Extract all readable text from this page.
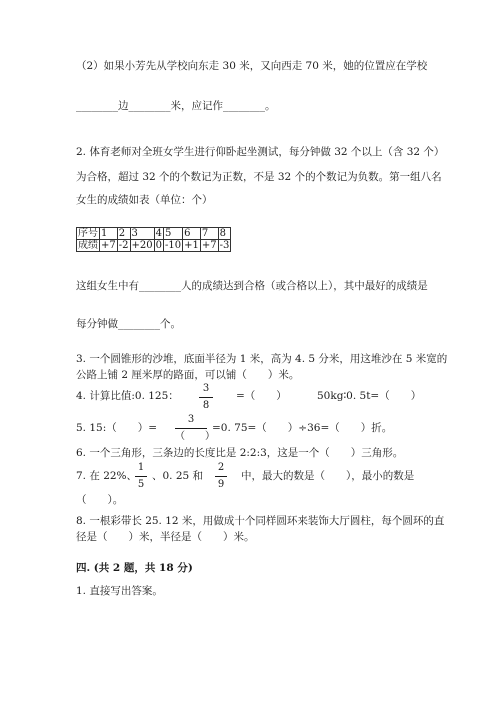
（2）如果小芳先从学校向东走 30 米，又向西走 70 米，她的位置应在学校
________边________米，应记作________。
2. 体育老师对全班女学生进行仰卧起坐测试，每分钟做 32 个以上（含 32 个）
为合格，超过 32 个的个数记为正数，不是 32 个的个数记为负数。第一组八名
女生的成绩如表（单位：个）
序号	1	2	3	4	5	6	7	8
成绩	+7	-2	+20	0	-10	+1	+7	-3
这组女生中有________人的成绩达到合格（或合格以上），其中最好的成绩是
每分钟做________个。
3. 一个圆锥形的沙堆，底面半径为 1 米，高为 4. 5 分米，用这堆沙在 5 米宽的
公路上铺 2 厘米厚的路面，可以铺（　　）米。
4. 计算比值:0. 125：
3
8
=（　　）	50kg∶0. 5t=（　　）
5. 15:（　　）=
3
（　　）
=0. 75=（　　）÷36=（　　）折。
6. 一个三角形，三条边的长度比是 2:2:3，这是一个（　　）三角形。
7. 在 22%、
1
5
、0. 25 和
2
9
中，最大的数是（　　），最小的数是
（　　）。
8. 一根彩带长 25. 12 米，用做成十个同样圆环来装饰大厅圆柱，每个圆环的直
径是（　　）米，半径是（　　）米。
四. (共 2 题，共 18 分)
1. 直接写出答案。
